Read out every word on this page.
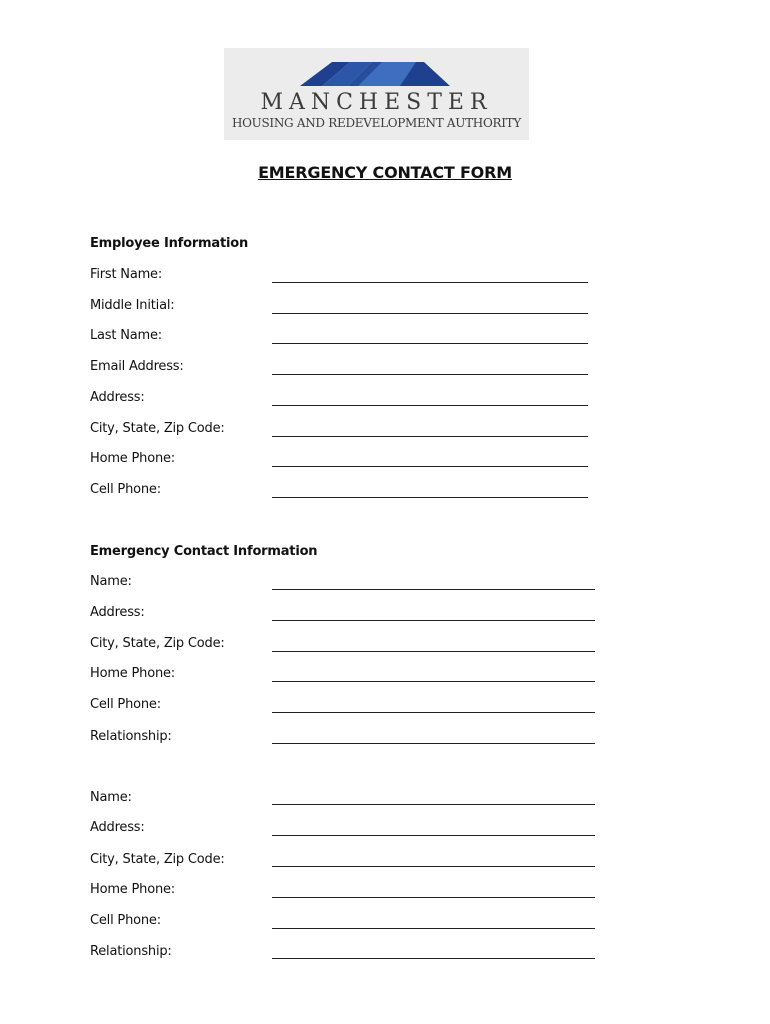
MANCHESTER
HOUSING AND REDEVELOPMENT AUTHORITY
EMERGENCY CONTACT FORM
Employee Information
First Name:
Middle Initial:
Last Name:
Email Address:
Address:
City, State, Zip Code:
Home Phone:
Cell Phone:
Emergency Contact Information
Name:
Address:
City, State, Zip Code:
Home Phone:
Cell Phone:
Relationship:
Name:
Address:
City, State, Zip Code:
Home Phone:
Cell Phone:
Relationship:
